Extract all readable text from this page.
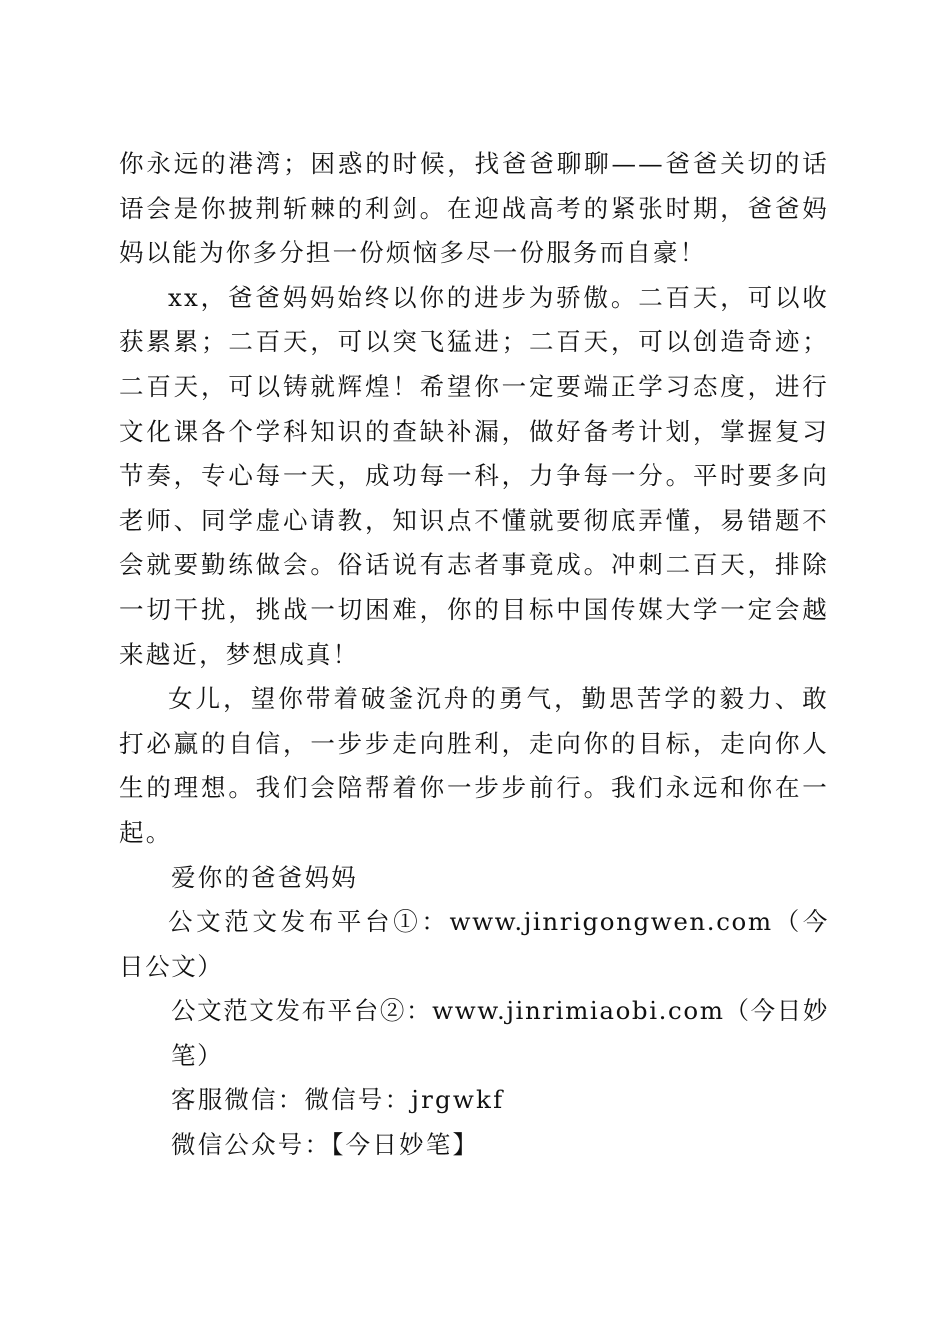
你永远的港湾；困惑的时候，找爸爸聊聊——爸爸关切的话语会是你披荆斩棘的利剑。在迎战高考的紧张时期，爸爸妈妈以能为你多分担一份烦恼多尽一份服务而自豪！

xx，爸爸妈妈始终以你的进步为骄傲。二百天，可以收获累累；二百天，可以突飞猛进；二百天，可以创造奇迹；二百天，可以铸就辉煌！希望你一定要端正学习态度，进行文化课各个学科知识的查缺补漏，做好备考计划，掌握复习节奏，专心每一天，成功每一科，力争每一分。平时要多向老师、同学虚心请教，知识点不懂就要彻底弄懂，易错题不会就要勤练做会。俗话说有志者事竟成。冲刺二百天，排除一切干扰，挑战一切困难，你的目标中国传媒大学一定会越来越近，梦想成真！

女儿，望你带着破釜沉舟的勇气，勤思苦学的毅力、敢打必赢的自信，一步步走向胜利，走向你的目标，走向你人生的理想。我们会陪帮着你一步步前行。我们永远和你在一起。

爱你的爸爸妈妈

公文范文发布平台①：www.jinrigongwen.com（今日公文）

公文范文发布平台②：www.jinrimiaobi.com（今日妙笔）

客服微信：微信号：jrgwkf

微信公众号：【今日妙笔】
